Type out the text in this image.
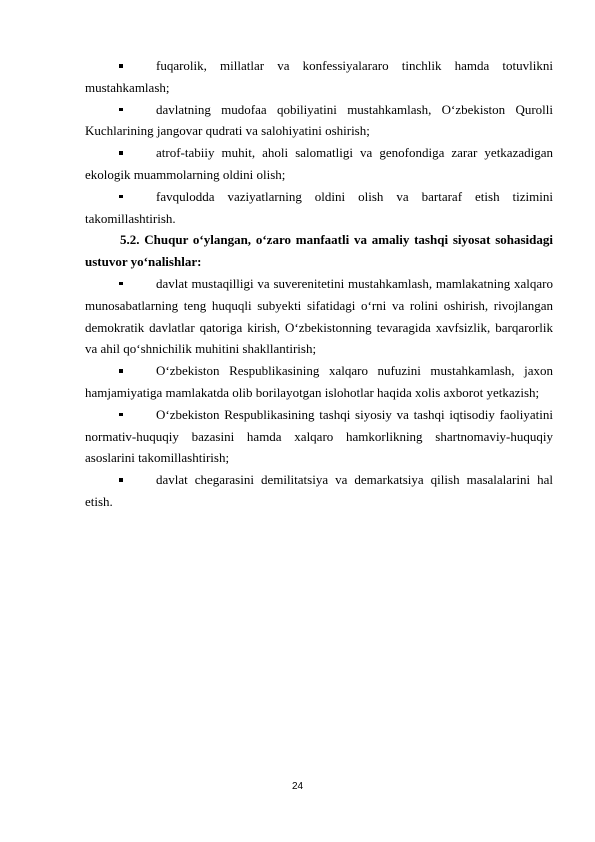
fuqarolik, millatlar va konfessiyalararo tinchlik hamda totuvlikni mustahkamlash;

davlatning mudofaa qobiliyatini mustahkamlash, O‘zbekiston Qurolli Kuchlarining jangovar qudrati va salohiyatini oshirish;

atrof-tabiiy muhit, aholi salomatligi va genofondiga zarar yetkazadigan ekologik muammolarning oldini olish;

favqulodda vaziyatlarning oldini olish va bartaraf etish tizimini takomillashtirish.

5.2. Chuqur o‘ylangan, o‘zaro manfaatli va amaliy tashqi siyosat sohasidagi ustuvor yo‘nalishlar:

davlat mustaqilligi va suverenitetini mustahkamlash, mamlakatning xalqaro munosabatlarning teng huquqli subyekti sifatidagi o‘rni va rolini oshirish, rivojlangan demokratik davlatlar qatoriga kirish, O‘zbekistonning tevaragida xavfsizlik, barqarorlik va ahil qo‘shnichilik muhitini shakllantirish;

O‘zbekiston Respublikasining xalqaro nufuzini mustahkamlash, jaxon hamjamiyatiga mamlakatda olib borilayotgan islohotlar haqida xolis axborot yetkazish;

O‘zbekiston Respublikasining tashqi siyosiy va tashqi iqtisodiy faoliyatini normativ-huquqiy bazasini hamda xalqaro hamkorlikning shartnomaviy-huquqiy asoslarini takomillashtirish;

davlat chegarasini demilitatsiya va demarkatsiya qilish masalalarini hal etish.

24
